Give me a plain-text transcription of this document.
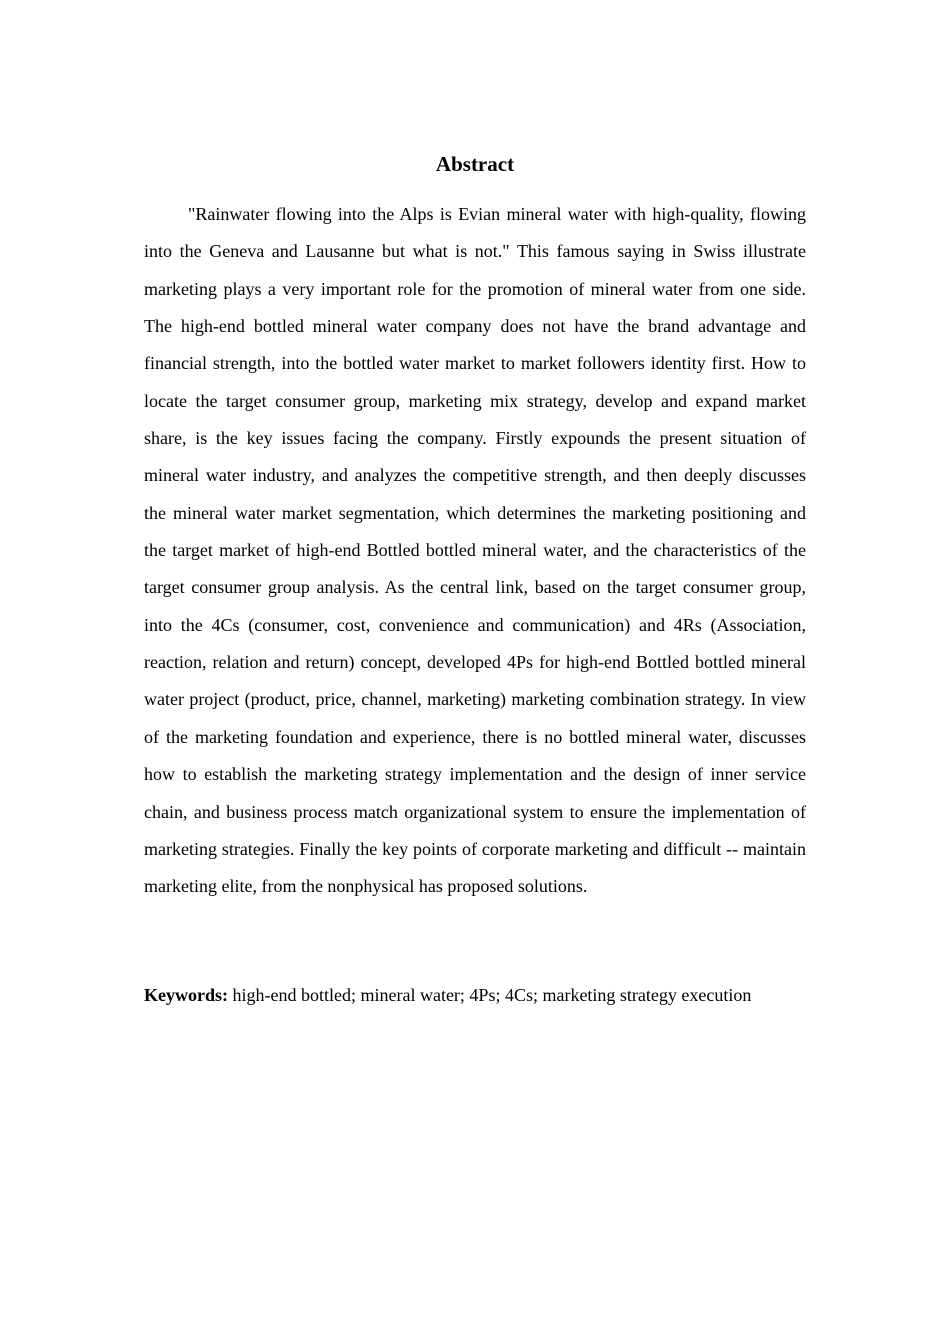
Abstract

"Rainwater flowing into the Alps is Evian mineral water with high-quality, flowing into the Geneva and Lausanne but what is not." This famous saying in Swiss illustrate marketing plays a very important role for the promotion of mineral water from one side. The high-end bottled mineral water company does not have the brand advantage and financial strength, into the bottled water market to market followers identity first. How to locate the target consumer group, marketing mix strategy, develop and expand market share, is the key issues facing the company. Firstly expounds the present situation of mineral water industry, and analyzes the competitive strength, and then deeply discusses the mineral water market segmentation, which determines the marketing positioning and the target market of high-end Bottled bottled mineral water, and the characteristics of the target consumer group analysis. As the central link, based on the target consumer group, into the 4Cs (consumer, cost, convenience and communication) and 4Rs (Association, reaction, relation and return) concept, developed 4Ps for high-end Bottled bottled mineral water project (product, price, channel, marketing) marketing combination strategy. In view of the marketing foundation and experience, there is no bottled mineral water, discusses how to establish the marketing strategy implementation and the design of inner service chain, and business process match organizational system to ensure the implementation of marketing strategies. Finally the key points of corporate marketing and difficult -- maintain marketing elite, from the nonphysical has proposed solutions.

Keywords: high-end bottled; mineral water; 4Ps; 4Cs; marketing strategy execution
